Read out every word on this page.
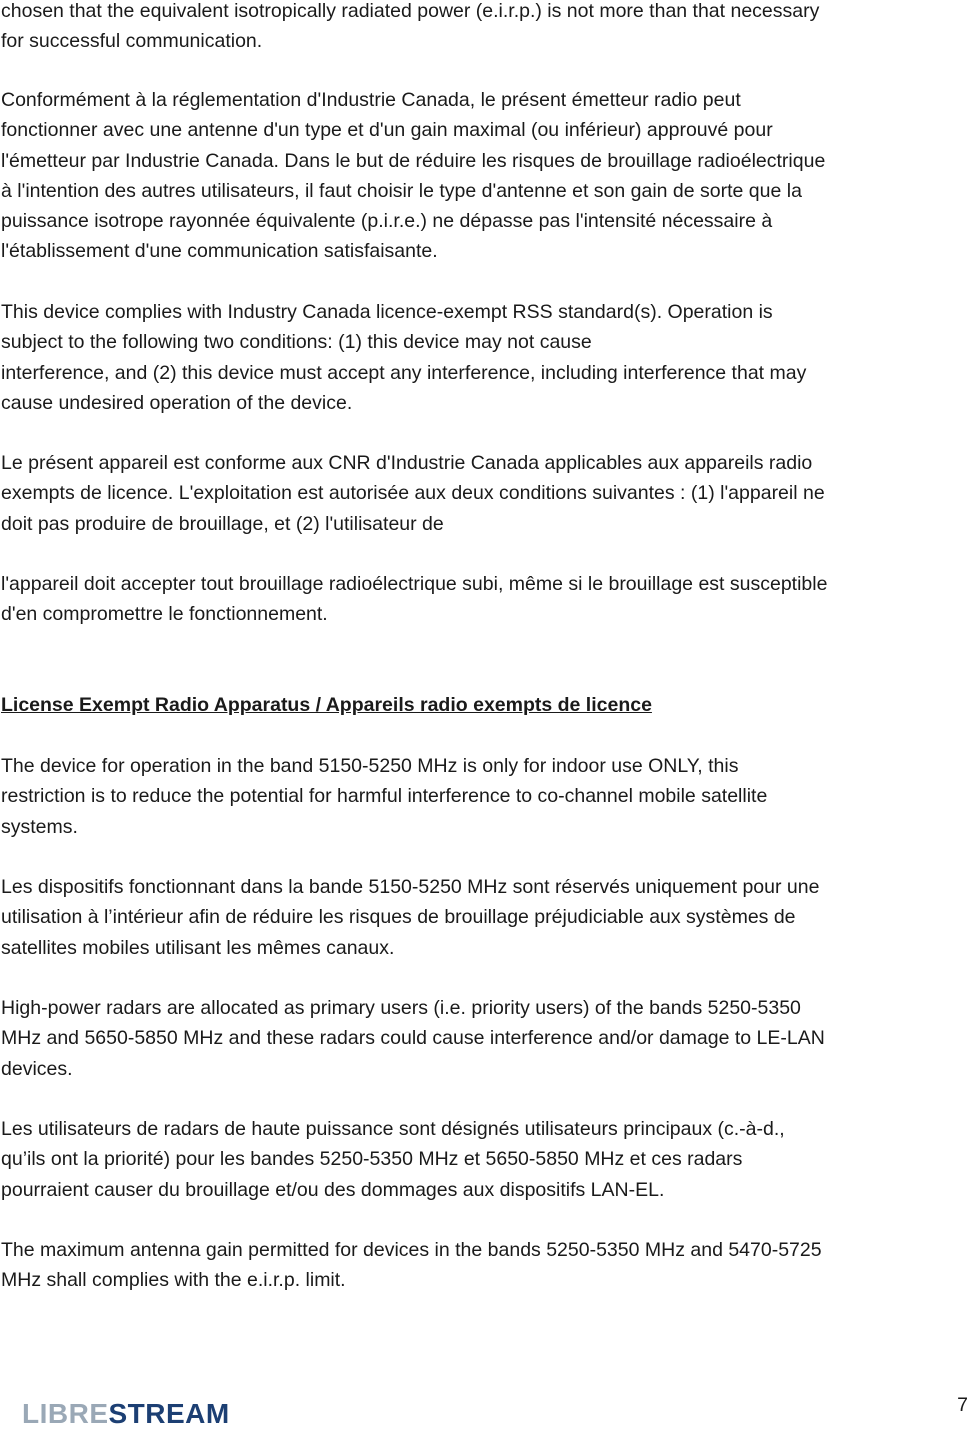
chosen that the equivalent isotropically radiated power (e.i.r.p.) is not more than that necessary
for successful communication.

Conformément à la réglementation d'Industrie Canada, le présent émetteur radio peut
fonctionner avec une antenne d'un type et d'un gain maximal (ou inférieur) approuvé pour
l'émetteur par Industrie Canada. Dans le but de réduire les risques de brouillage radioélectrique
à l'intention des autres utilisateurs, il faut choisir le type d'antenne et son gain de sorte que la
puissance isotrope rayonnée équivalente (p.i.r.e.) ne dépasse pas l'intensité nécessaire à
l'établissement d'une communication satisfaisante.

This device complies with Industry Canada licence-exempt RSS standard(s). Operation is
subject to the following two conditions: (1) this device may not cause
interference, and (2) this device must accept any interference, including interference that may
cause undesired operation of the device.

Le présent appareil est conforme aux CNR d'Industrie Canada applicables aux appareils radio
exempts de licence. L'exploitation est autorisée aux deux conditions suivantes : (1) l'appareil ne
doit pas produire de brouillage, et (2) l'utilisateur de

l'appareil doit accepter tout brouillage radioélectrique subi, même si le brouillage est susceptible
d'en compromettre le fonctionnement.

License Exempt Radio Apparatus / Appareils radio exempts de licence

The device for operation in the band 5150-5250 MHz is only for indoor use ONLY, this
restriction is to reduce the potential for harmful interference to co-channel mobile satellite
systems.

Les dispositifs fonctionnant dans la bande 5150-5250 MHz sont réservés uniquement pour une
utilisation à l’intérieur afin de réduire les risques de brouillage préjudiciable aux systèmes de
satellites mobiles utilisant les mêmes canaux.

High-power radars are allocated as primary users (i.e. priority users) of the bands 5250-5350
MHz and 5650-5850 MHz and these radars could cause interference and/or damage to LE-LAN
devices.

Les utilisateurs de radars de haute puissance sont désignés utilisateurs principaux (c.-à-d.,
qu’ils ont la priorité) pour les bandes 5250-5350 MHz et 5650-5850 MHz et ces radars
pourraient causer du brouillage et/ou des dommages aux dispositifs LAN-EL.

The maximum antenna gain permitted for devices in the bands 5250-5350 MHz and 5470-5725
MHz shall complies with the e.i.r.p. limit.

LIBRESTREAM	7
